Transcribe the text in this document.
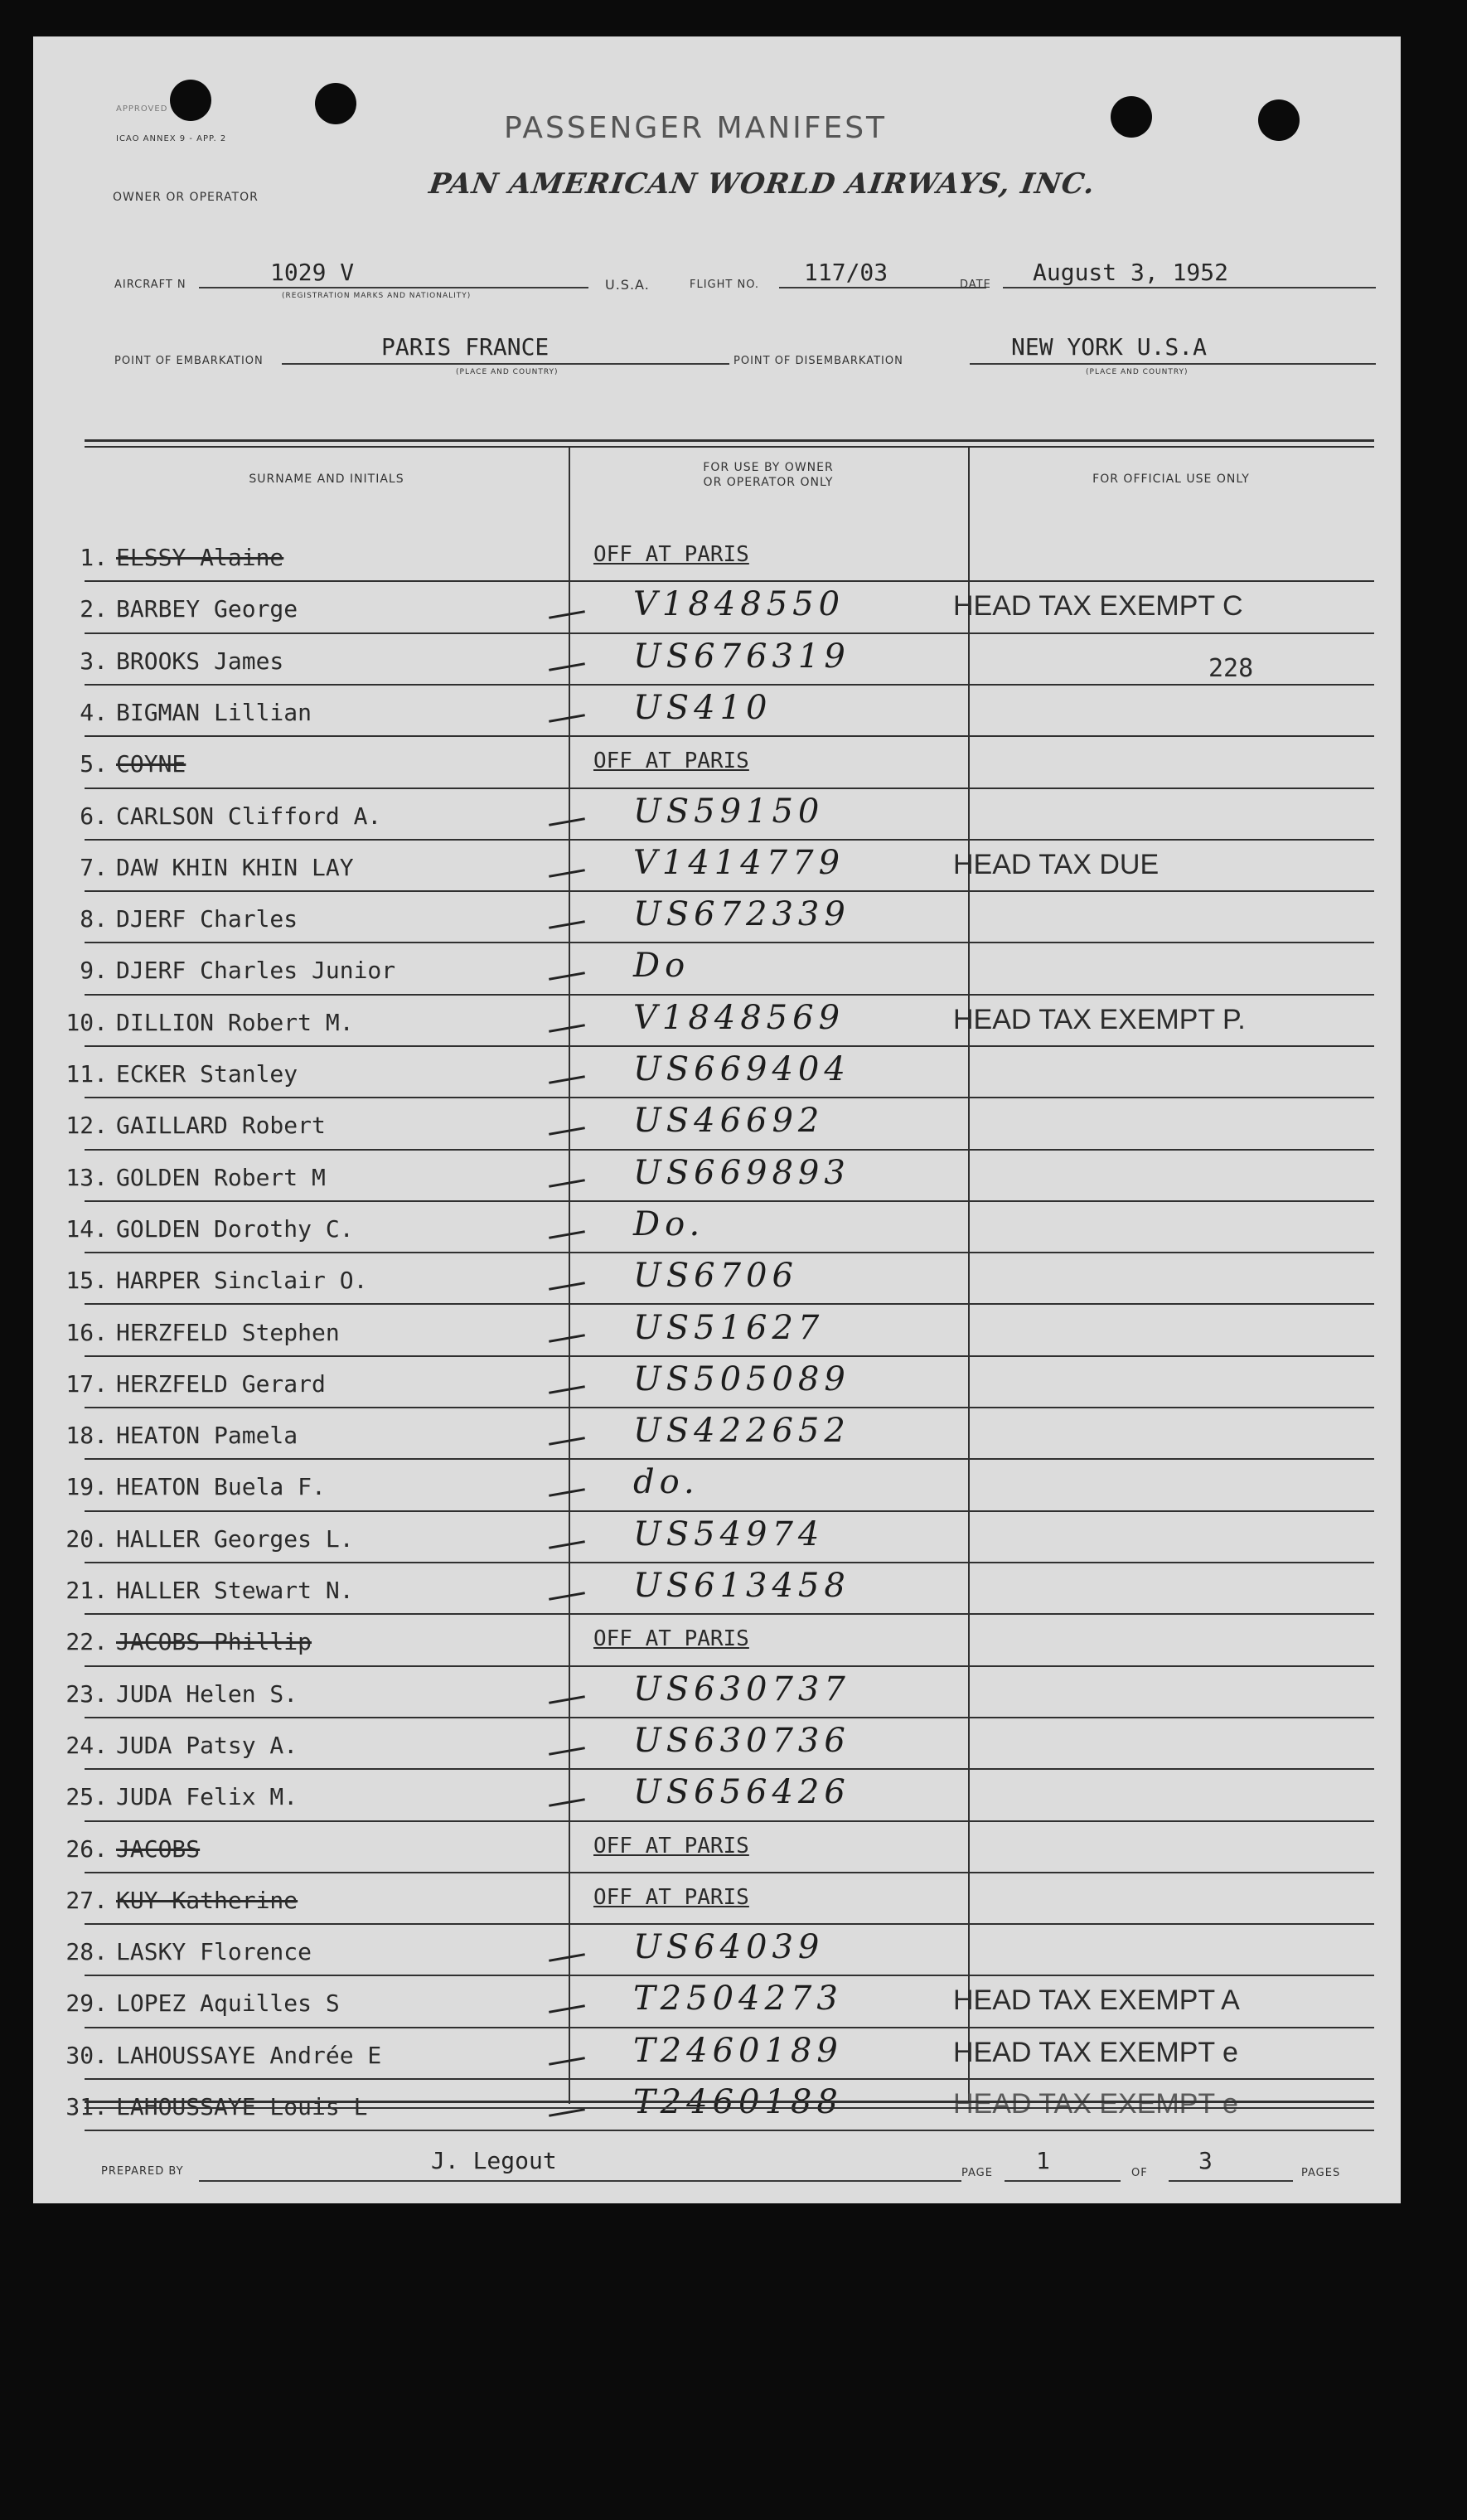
APPROVED
ICAO ANNEX 9 - APP. 2
OWNER OR OPERATOR
PASSENGER MANIFEST
PAN AMERICAN WORLD AIRWAYS, INC.
AIRCRAFT N	1029 V
(REGISTRATION MARKS AND NATIONALITY)
U.S.A.	FLIGHT NO. 117/03	DATE August 3, 1952
POINT OF EMBARKATION
PARIS FRANCE
(PLACE AND COUNTRY)
POINT OF DISEMBARKATION
NEW YORK U.S.A
(PLACE AND COUNTRY)
SURNAME AND INITIALS
FOR USE BY OWNER
OR OPERATOR ONLY	FOR OFFICIAL USE ONLY
1. ELSSY Alaine	OFF AT PARIS
2. BARBEY George	V1848550	HEAD TAX EXEMPT C
3. BROOKS James	US676319	228
4. BIGMAN Lillian	US410
5. COYNE	OFF AT PARIS
6. CARLSON Clifford A.	US59150
7. DAW KHIN KHIN LAY	V1414779	HEAD TAX DUE
8. DJERF Charles	US672339
9. DJERF Charles Junior	Do
10. DILLION Robert M.	V1848569	HEAD TAX EXEMPT P.
11. ECKER Stanley	US669404
12. GAILLARD Robert	US46692
13. GOLDEN Robert M	US669893
14. GOLDEN Dorothy C.	Do.
15. HARPER Sinclair O.	US6706
16. HERZFELD Stephen	US51627
17. HERZFELD Gerard	US505089
18. HEATON Pamela	US422652
19. HEATON Buela F.	do.
20. HALLER Georges L.	US54974
21. HALLER Stewart N.	US613458
22. JACOBS Phillip	OFF AT PARIS
23. JUDA Helen S.	US630737
24. JUDA Patsy A.	US630736
25. JUDA Felix M.	US656426
26. JACOBS	OFF AT PARIS
27. KUY Katherine	OFF AT PARIS
28. LASKY Florence	US64039
29. LOPEZ Aquilles S	T2504273	HEAD TAX EXEMPT A
30. LAHOUSSAYE Andrée E	T2460189	HEAD TAX EXEMPT e
31. LAHOUSSAYE Louis L	T2460188	HEAD TAX EXEMPT e
PREPARED BY	J. Legout	PAGE 1	OF 3	PAGES
